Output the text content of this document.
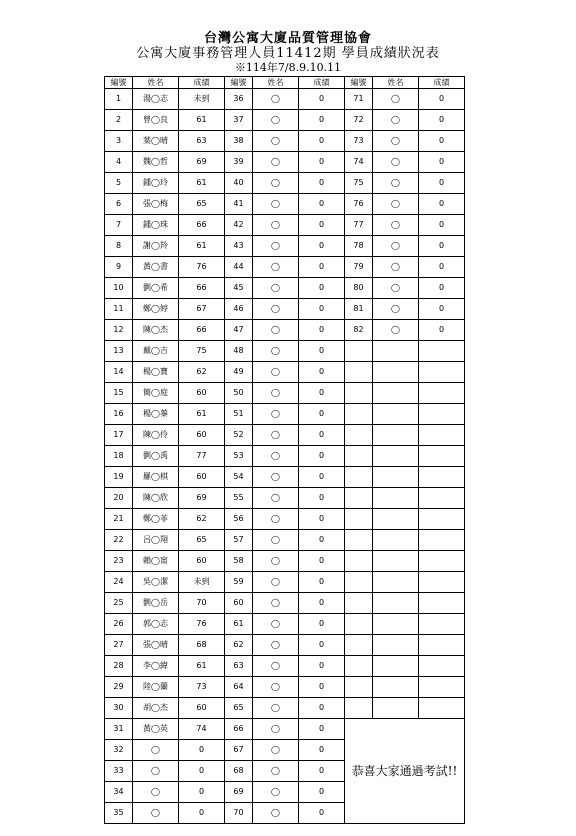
台灣公寓大廈品質管理協會
公寓大廈事務管理人員11412期 學員成績狀況表
※114年7/8.9.10.11
編號	姓名	成績	編號	姓名	成績	編號	姓名	成績
1	湯◯志	未到	36	◯	0	71	◯	0
2	曾◯良	61	37	◯	0	72	◯	0
3	葉◯晴	63	38	◯	0	73	◯	0
4	魏◯哲	69	39	◯	0	74	◯	0
5	鍾◯玲	61	40	◯	0	75	◯	0
6	張◯梅	65	41	◯	0	76	◯	0
7	鍾◯珠	66	42	◯	0	77	◯	0
8	謝◯羚	61	43	◯	0	78	◯	0
9	黃◯書	76	44	◯	0	79	◯	0
10	劉◯希	66	45	◯	0	80	◯	0
11	鄭◯婷	67	46	◯	0	81	◯	0
12	陳◯杰	66	47	◯	0	82	◯	0
13	戴◯吉	75	48	◯	0			
14	楊◯寶	62	49	◯	0			
15	簡◯庭	60	50	◯	0			
16	楊◯蓁	61	51	◯	0			
17	陳◯伶	60	52	◯	0			
18	劉◯禹	77	53	◯	0			
19	羅◯棋	60	54	◯	0			
20	陳◯欣	69	55	◯	0			
21	鄭◯菲	62	56	◯	0			
22	呂◯翔	65	57	◯	0			
23	賴◯甯	60	58	◯	0			
24	吳◯潔	未到	59	◯	0			
25	劉◯岳	70	60	◯	0			
26	郭◯志	76	61	◯	0			
27	張◯晴	68	62	◯	0			
28	李◯緯	61	63	◯	0			
29	陸◯蘭	73	64	◯	0			
30	胡◯杰	60	65	◯	0			
31	黃◯英	74	66	◯	0	恭喜大家通過考試!!		
32	◯	0	67	◯	0			
33	◯	0	68	◯	0			
34	◯	0	69	◯	0			
35	◯	0	70	◯	0			
